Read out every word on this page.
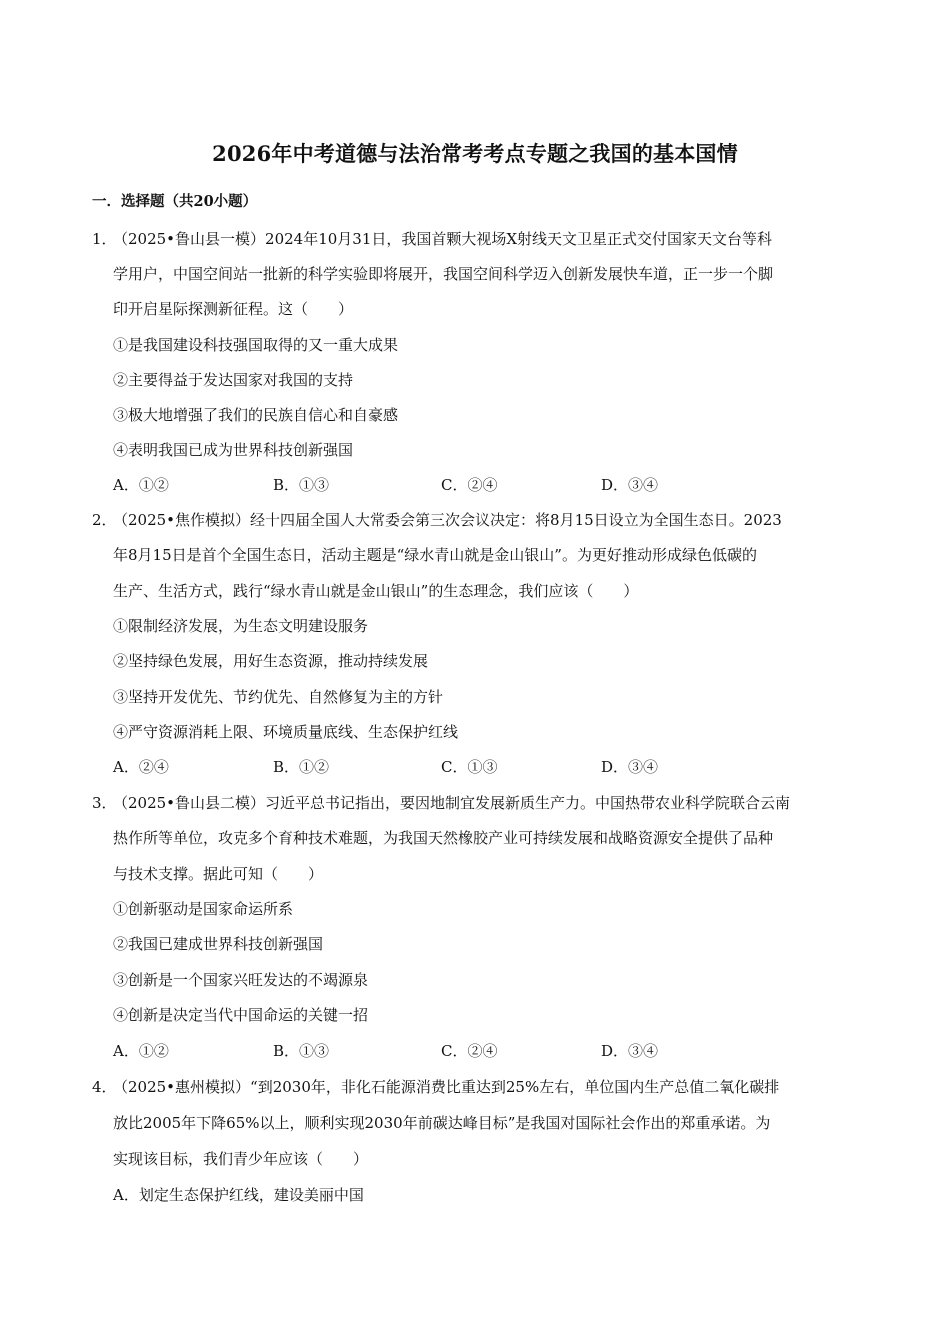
2026年中考道德与法治常考考点专题之我国的基本国情
一．选择题（共20小题）
1．
（2025•鲁山县一模）2024年10月31日，我国首颗大视场X射线天文卫星正式交付国家天文台等科
学用户，中国空间站一批新的科学实验即将展开，我国空间科学迈入创新发展快车道，正一步一个脚
印开启星际探测新征程。这（　　）
①是我国建设科技强国取得的又一重大成果
②主要得益于发达国家对我国的支持
③极大地增强了我们的民族自信心和自豪感
④表明我国已成为世界科技创新强国
A．①②	B．①③	C．②④	D．③④
2．
（2025•焦作模拟）经十四届全国人大常委会第三次会议决定：将8月15日设立为全国生态日。2023
年8月15日是首个全国生态日，活动主题是“绿水青山就是金山银山”。为更好推动形成绿色低碳的
生产、生活方式，践行“绿水青山就是金山银山”的生态理念，我们应该（　　）
①限制经济发展，为生态文明建设服务
②坚持绿色发展，用好生态资源，推动持续发展
③坚持开发优先、节约优先、自然修复为主的方针
④严守资源消耗上限、环境质量底线、生态保护红线
A．②④	B．①②	C．①③	D．③④
3．
（2025•鲁山县二模）习近平总书记指出，要因地制宜发展新质生产力。中国热带农业科学院联合云南
热作所等单位，攻克多个育种技术难题，为我国天然橡胶产业可持续发展和战略资源安全提供了品种
与技术支撑。据此可知（　　）
①创新驱动是国家命运所系
②我国已建成世界科技创新强国
③创新是一个国家兴旺发达的不竭源泉
④创新是决定当代中国命运的关键一招
A．①②	B．①③	C．②④	D．③④
4．
（2025•惠州模拟）“到2030年，非化石能源消费比重达到25%左右，单位国内生产总值二氧化碳排
放比2005年下降65%以上，顺利实现2030年前碳达峰目标”是我国对国际社会作出的郑重承诺。为
实现该目标，我们青少年应该（　　）
A．划定生态保护红线，建设美丽中国
